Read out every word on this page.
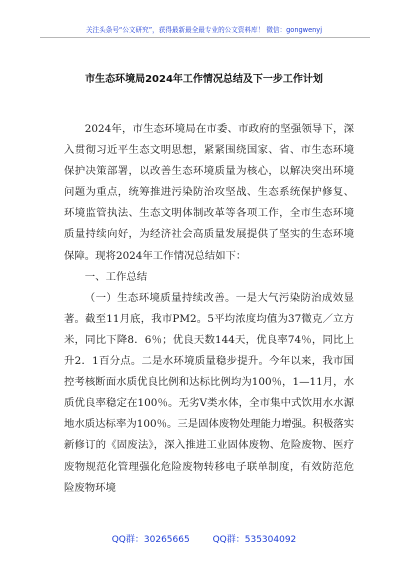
关注头条号“公文研究”，获得最新最全最专业的公文资料库！ 微信：gongwenyj
市生态环境局2024年工作情况总结及下一步工作计划

2024年，市生态环境局在市委、市政府的坚强领导下，深入贯彻习近平生态文明思想，紧紧围绕国家、省、市生态环境保护决策部署，以改善生态环境质量为核心，以解决突出环境问题为重点，统筹推进污染防治攻坚战、生态系统保护修复、环境监管执法、生态文明体制改革等各项工作，全市生态环境质量持续向好，为经济社会高质量发展提供了坚实的生态环境保障。现将2024年工作情况总结如下：

一、工作总结

（一）生态环境质量持续改善。一是大气污染防治成效显著。截至11月底，我市PM2。5平均浓度均值为37微克／立方米，同比下降8．6％；优良天数144天，优良率74％，同比上升2．1百分点。二是水环境质量稳步提升。今年以来，我市国控考核断面水质优良比例和达标比例均为100％，1—11月，水质优良率稳定在100％。无劣V类水体，全市集中式饮用水水源地水质达标率为100％。三是固体废物处理能力增强。积极落实新修订的《固废法》，深入推进工业固体废物、危险废物、医疗废物规范化管理强化危险废物转移电子联单制度，有效防范危险废物环境

QQ群：30265665	QQ群：535304092
